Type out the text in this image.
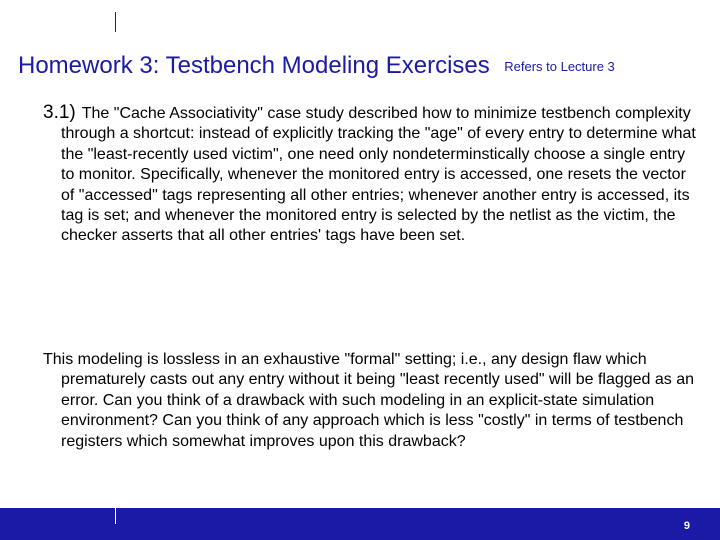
Homework 3: Testbench Modeling Exercises Refers to Lecture 3
3.1) The "Cache Associativity" case study described how to minimize testbench complexity through a shortcut: instead of explicitly tracking the "age" of every entry to determine what the "least-recently used victim", one need only nondeterminstically choose a single entry to monitor. Specifically, whenever the monitored entry is accessed, one resets the vector of "accessed" tags representing all other entries; whenever another entry is accessed, its tag is set; and whenever the monitored entry is selected by the netlist as the victim, the checker asserts that all other entries' tags have been set.
This modeling is lossless in an exhaustive "formal" setting; i.e., any design flaw which prematurely casts out any entry without it being "least recently used" will be flagged as an error. Can you think of a drawback with such modeling in an explicit-state simulation environment? Can you think of any approach which is less "costly" in terms of testbench registers which somewhat improves upon this drawback?
9
